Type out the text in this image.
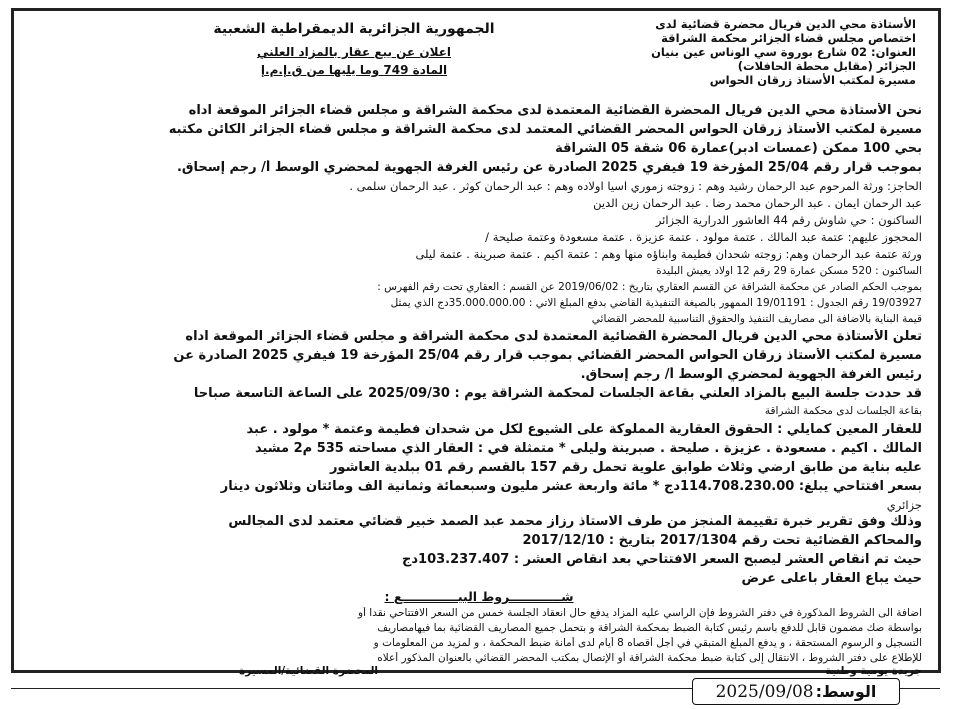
الأستاذة محي الدين فريال محضرة قضائية لدى
اختصاص مجلس قضاء الجزائر محكمة الشراقة
العنوان: 02 شارع بوروة سي الوناس عين بنيان
الجزائر (مقابل محطة الحافلات)
مسيرة لمكتب الأستاذ زرقان الحواس
الجمهورية الجزائرية الديمقراطية الشعبية
اعلان عن بيع عقار بالمزاد العلني
المادة 749 وما يليها من ق.إ.م.إ
نحن الأستاذة محي الدين فريال المحضرة القضائية المعتمدة لدى محكمة الشراقة و مجلس قضاء الجزائر الموقعة اداه
مسيرة لمكتب الأستاذ زرقان الحواس المحضر القضائي المعتمد لدى محكمة الشراقة و مجلس قضاء الجزائر الكائن مكتبه
بحي 100 ممكن (عمسات ادبر)عمارة 06 شقة 05 الشراقة
بموجب قرار رقم 25/04 المؤرخة 19 فيفري 2025 الصادرة عن رئيس الغرفة الجهوية لمحضري الوسط أ/ رجم إسحاق.
الحاجز: ورثة المرحوم عبد الرحمان رشيد وهم : زوجته زموري اسيا اولاده وهم : عبد الرحمان كوثر . عبد الرحمان سلمى .
عبد الرحمان ايمان . عبد الرحمان محمد رضا . عبد الرحمان زين الدين
الساكنون : حي شاوش رقم 44 العاشور الدرارية الجزائر
المحجوز عليهم: عتمة عبد المالك . عتمة مولود . عتمة عزيزة . عتمة مسعودة وعتمة صليحة /
ورثة عتمة عبد الرحمان وهم: زوجته شحدان فطيمة وابناؤه منها وهم : عتمة اكيم . عتمة صبرينة . عتمة ليلى
الساكنون : 520 مسكن عمارة 29 رقم 12 اولاد يعيش البليدة
بموجب الحكم الصادر عن محكمة الشراقة عن القسم العقاري بتاريخ : 2019/06/02 عن القسم : العقاري تحت رقم الفهرس :
19/03927 رقم الجدول : 19/01191 الممهور بالصيغة التنفيذية القاضي بدفع المبلغ الاتي : 35.000.000.00دج الذي يمثل
قيمة البناية بالاضافة الى مصاريف التنفيذ والحقوق التناسبية للمحضر القضائي
تعلن الأستاذة محي الدين فريال المحضرة القضائية المعتمدة لدى محكمة الشراقة و مجلس قضاء الجزائر الموقعة اداه
مسيرة لمكتب الأستاذ زرقان الحواس المحضر القضائي بموجب قرار رقم 25/04 المؤرخة 19 فيفري 2025 الصادرة عن
رئيس الغرفة الجهوية لمحضري الوسط أ/ رجم إسحاق.
قد حددت جلسة البيع بالمزاد العلني بقاعة الجلسات لمحكمة الشراقة يوم : 2025/09/30 على الساعة التاسعة صباحا
بقاعة الجلسات لدى محكمة الشراقة
للعقار المعين كمايلي : الحقوق العقارية المملوكة على الشيوع لكل من شحدان فطيمة وعتمة * مولود . عبد
المالك . اكيم . مسعودة . عزيزة . صليحة . صبرينة وليلى * متمثلة في : العقار الذي مساحته 535 م2 مشيد
عليه بناية من طابق ارضي وثلاث طوابق علوية تحمل رقم 157 بالقسم رقم 01 ببلدية العاشور
بسعر افتتاحي يبلغ: 114.708.230.00دج * مائة واربعة عشر مليون وسبعمائة وثمانية الف ومائتان وثلاثون دينار
جزائري
وذلك وفق تقرير خبرة تقييمة المنجز من طرف الاستاذ رزاز محمد عبد الصمد خبير قضائي معتمد لدى المجالس
والمحاكم القضائية تحت رقم 2017/1304 بتاريخ : 2017/12/10
حيث تم انقاص العشر ليصبح السعر الافتتاحي بعد انقاص العشر : 103.237.407دج
حيث يباع العقار باعلى عرض
شــــــــــــروط البيـــــــــــــع :
اضافة الى الشروط المذكورة في دفتر الشروط فإن الراسي عليه المزاد يدفع حال انعقاد الجلسة خمس من السعر الافتتاحي نقدا أو
بواسطة صك مضمون قابل للدفع باسم رئيس كتابة الضبط بمحكمة الشراقة و بتحمل جميع المصاريف القضائية بما فيهامصاريف
التسجيل و الرسوم المستحقة ، و يدفع المبلغ المتبقي في أجل أقصاه 8 أيام لدى أمانة ضبط المحكمة ، و لمزيد من المعلومات و
للإطلاع على دفتر الشروط ، الانتقال إلى كتابة ضبط محكمة الشراقة أو الإتصال بمكتب المحضر القضائي بالعنوان المذكور أعلاه
جريدة يومية وطنية
المحضرة القضائية/المسيرة
الوسط:
2025/09/08
